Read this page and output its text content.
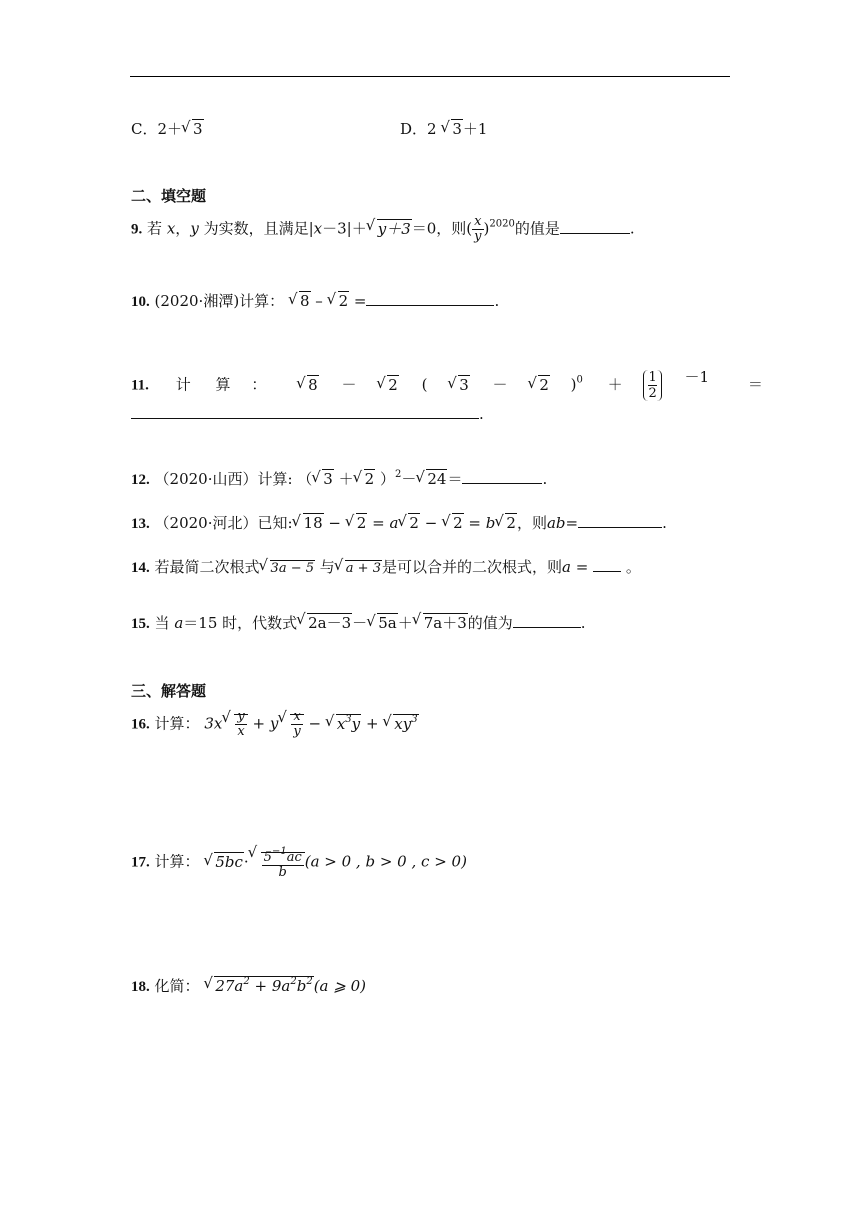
C．2＋ √ 3	D．2 √ 3＋1
二、填空题
9. 若 x，y 为实数，且满足|x－3|＋ √ y＋3＝0，则( $\frac{x}{y} )^{2020}$的值是	.
10. (2020·湘潭)计算： √ 8 – √ 2 =	.
11. 计 算 ：	√ 8 － √ 2 ( √ 3 － √ 2 )$^0 + \frac{1}{2} -1$	＝
.
12. （2020·山西）计算: （ √ 3 ＋ √ 2 ）$^2$－ √ 24＝	.
13. （2020·河北）已知: √ 18 − √ 2 = a √ 2 − √ 2 = b √ 2，则ab=	.
14. 若最简二次根式 √ 3a − 5 与 √ a + 3是可以合并的二次根式，则a =	。
15. 当 a＝15 时，代数式 √ 2a－3－ √ 5a＋ √ 7a＋3的值为	.
三、解答题
16. 计算： 3x √ $\frac{y}{x} + y$ √ $\frac{x}{y}$ − √ $x^3y$ + √ $xy^3$
17. 计算： √ 5bc· √ $\frac{5^{-1}ac}{b} (a > 0$ , b > 0 , c > 0)
18. 化简： √ $27a^2 + 9a^2b^2(a$ ⩾ 0)
